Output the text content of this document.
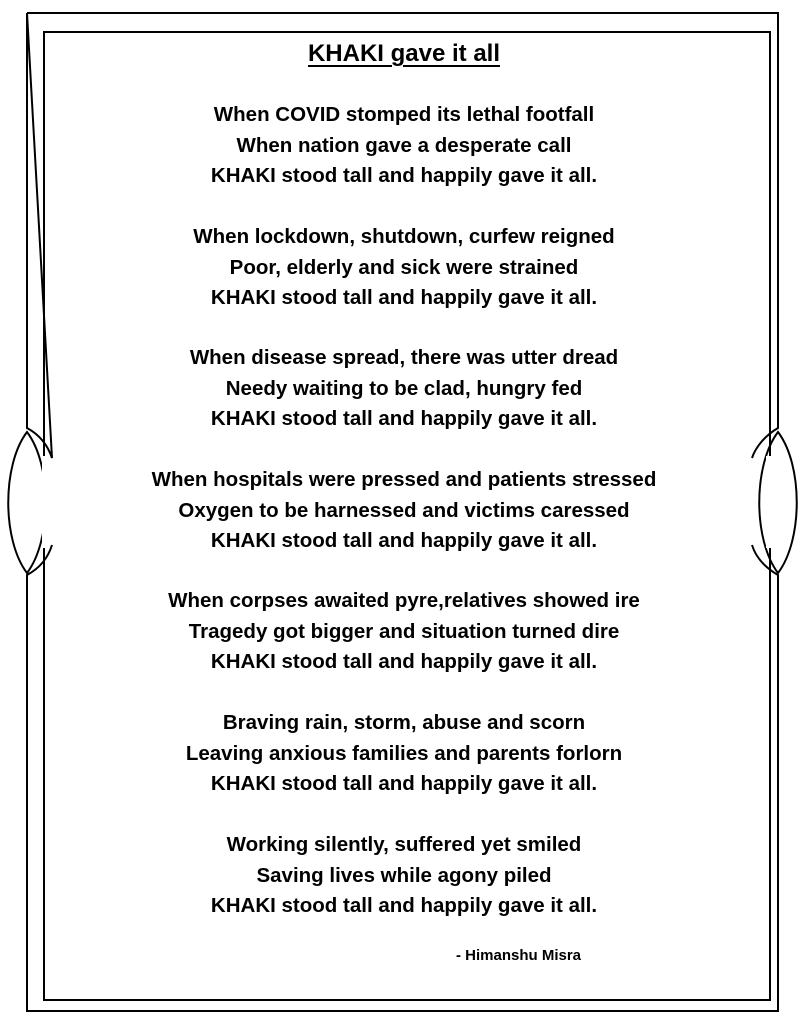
KHAKI gave it all
When COVID stomped its lethal footfall
When nation gave a desperate call
KHAKI stood tall and happily gave it all.
When lockdown, shutdown, curfew reigned
Poor, elderly and sick were strained
KHAKI stood tall and happily gave it all.
When disease spread, there was utter dread
Needy waiting to be clad, hungry fed
KHAKI stood tall and happily gave it all.
When hospitals were pressed and patients stressed
Oxygen to be harnessed and victims caressed
KHAKI stood tall and happily gave it all.
When corpses awaited pyre,relatives showed ire
Tragedy got bigger and situation turned dire
KHAKI stood tall and happily gave it all.
Braving rain, storm, abuse and scorn
Leaving anxious families and parents forlorn
KHAKI stood tall and happily gave it all.
Working silently, suffered yet smiled
Saving lives while agony piled
KHAKI stood tall and happily gave it all.
- Himanshu Misra
